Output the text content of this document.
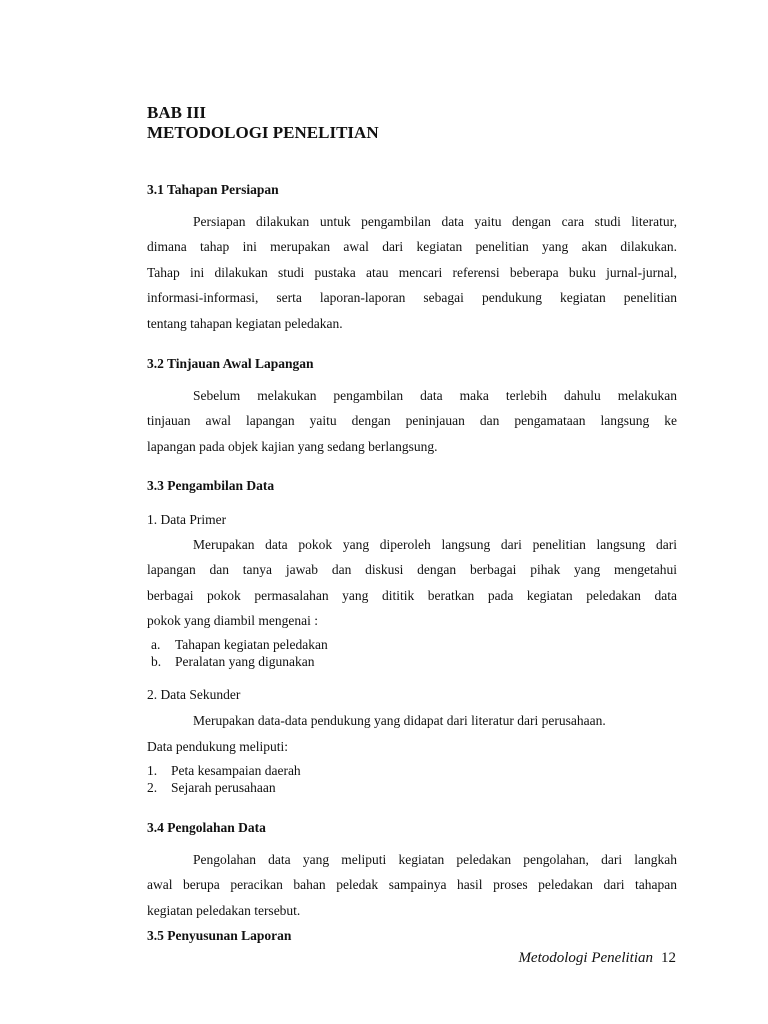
BAB III
METODOLOGI PENELITIAN
3.1 Tahapan Persiapan
Persiapan dilakukan untuk pengambilan data yaitu dengan cara studi literatur,
dimana tahap ini merupakan awal dari kegiatan penelitian yang akan dilakukan.
Tahap ini dilakukan studi pustaka atau mencari referensi beberapa buku jurnal-jurnal,
informasi-informasi, serta laporan-laporan sebagai pendukung kegiatan penelitian
tentang tahapan kegiatan peledakan.
3.2 Tinjauan Awal Lapangan
Sebelum melakukan pengambilan data maka terlebih dahulu melakukan
tinjauan awal lapangan yaitu dengan peninjauan dan pengamataan langsung ke
lapangan pada objek kajian yang sedang berlangsung.
3.3 Pengambilan Data

1. Data Primer

Merupakan data pokok yang diperoleh langsung dari penelitian langsung dari
lapangan dan tanya jawab dan diskusi dengan berbagai pihak yang mengetahui
berbagai pokok permasalahan yang dititik beratkan pada kegiatan peledakan data
pokok yang diambil mengenai :
a. Tahapan kegiatan peledakan
b. Peralatan yang digunakan

2. Data Sekunder

Merupakan data-data pendukung yang didapat dari literatur dari perusahaan.

Data pendukung meliputi:

1. Peta kesampaian daerah
2. Sejarah perusahaan
3.4 Pengolahan Data
Pengolahan data yang meliputi kegiatan peledakan pengolahan, dari langkah
awal berupa peracikan bahan peledak sampainya hasil proses peledakan dari tahapan
kegiatan peledakan tersebut.
3.5 Penyusunan Laporan
Metodologi Penelitian 12
